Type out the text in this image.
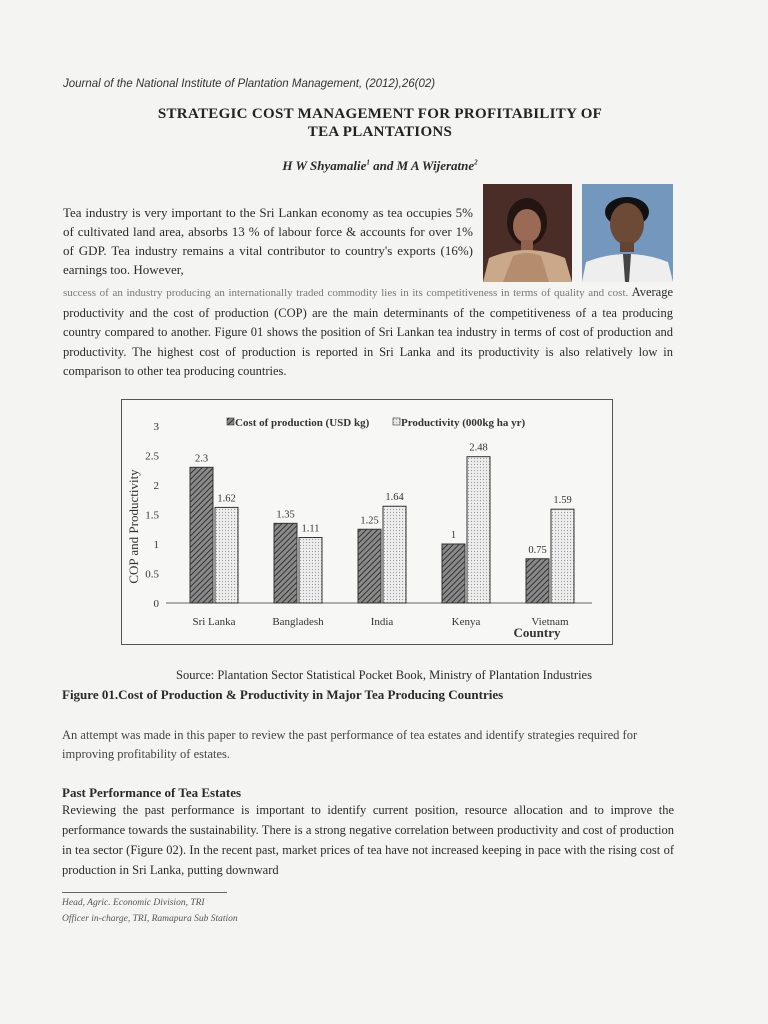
Journal of the National Institute of Plantation Management, (2012),26(02)
STRATEGIC COST MANAGEMENT FOR PROFITABILITY OF
TEA PLANTATIONS
H W Shyamalie$^1$ and M A Wijeratne$^2$
Tea industry is very important to the Sri Lankan economy as tea occupies 5% of cultivated land area, absorbs 13 % of labour force & accounts for over 1% of GDP. Tea industry remains a vital contributor to country's exports (16%) earnings too. However,
success of an industry producing an internationally traded commodity lies in its competitiveness in terms of quality and cost. Average productivity and the cost of production (COP) are the main determinants of the competitiveness of a tea producing country compared to another. Figure 01 shows the position of Sri Lankan tea industry in terms of cost of production and productivity. The highest cost of production is reported in Sri Lanka and its productivity is also relatively low in comparison to other tea producing countries.
0
0.5
1
1.5
2
2.5
3
COP and Productivity
Cost of production (USD kg)	Productivity (000kg ha yr)
2.3
1.62
Sri Lanka
1.35
1.11
Bangladesh
1.25
1.64
India
1
2.48
Kenya
0.75
1.59
Vietnam
Country
Source: Plantation Sector Statistical Pocket Book, Ministry of Plantation Industries
Figure 01.Cost of Production & Productivity in Major Tea Producing Countries
An attempt was made in this paper to review the past performance of tea estates and identify strategies required for improving profitability of estates.
Past Performance of Tea Estates
Reviewing the past performance is important to identify current position, resource allocation and to improve the performance towards the sustainability. There is a strong negative correlation between productivity and cost of production in tea sector (Figure 02). In the recent past, market prices of tea have not increased keeping in pace with the rising cost of production in Sri Lanka, putting downward
Head, Agric. Economic Division, TRI
Officer in-charge, TRI, Ramapura Sub Station
